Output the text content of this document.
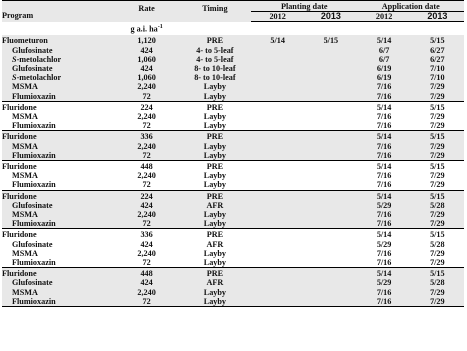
Program	Rate	Timing	Planting date		Application date	
			2012	2013	2012	2013
	g a.i. $ha^{-1}$					
Fluometuron	1,120	PRE	5/14	5/15	5/14	5/15
Glufosinate	424	4- to 5-leaf			6/7	6/27
S-metolachlor	1,060	4- to 5-leaf			6/7	6/27
Glufosinate	424	8- to 10-leaf			6/19	7/10
S-metolachlor	1,060	8- to 10-leaf			6/19	7/10
MSMA	2,240	Layby			7/16	7/29
Flumioxazin	72	Layby			7/16	7/29
Fluridone	224	PRE			5/14	5/15
MSMA	2,240	Layby			7/16	7/29
Flumioxazin	72	Layby			7/16	7/29
Fluridone	336	PRE			5/14	5/15
MSMA	2,240	Layby			7/16	7/29
Flumioxazin	72	Layby			7/16	7/29
Fluridone	448	PRE			5/14	5/15
MSMA	2,240	Layby			7/16	7/29
Flumioxazin	72	Layby			7/16	7/29
Fluridone	224	PRE			5/14	5/15
Glufosinate	424	AFR			5/29	5/28
MSMA	2,240	Layby			7/16	7/29
Flumioxazin	72	Layby			7/16	7/29
Fluridone	336	PRE			5/14	5/15
Glufosinate	424	AFR			5/29	5/28
MSMA	2,240	Layby			7/16	7/29
Flumioxazin	72	Layby			7/16	7/29
Fluridone	448	PRE			5/14	5/15
Glufosinate	424	AFR			5/29	5/28
MSMA	2,240	Layby			7/16	7/29
Flumioxazin	72	Layby			7/16	7/29
